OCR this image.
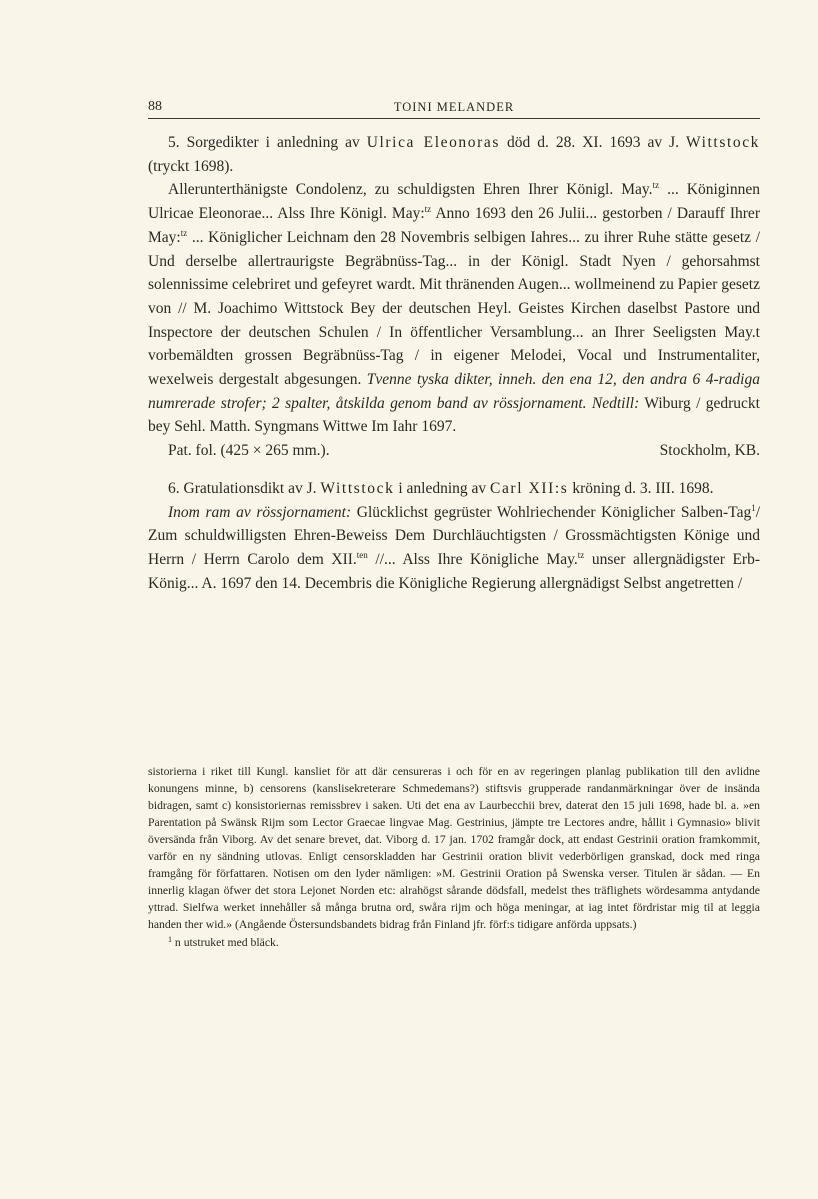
88	TOINI MELANDER

5. Sorgedikter i anledning av Ulrica Eleonoras död d. 28. XI. 1693 av J. Wittstock (tryckt 1698).

Allerunterthänigste Condolenz, zu schuldigsten Ehren Ihrer Königl. May.$^{tz}$ ... Königinnen Ulricae Eleonorae... Alss Ihre Königl. May:$^{tz}$ Anno 1693 den 26 Julii... gestorben / Darauff Ihrer May:$^{tz}$ ... Königlicher Leichnam den 28 Novembris selbigen Iahres... zu ihrer Ruhe stätte gesetz / Und derselbe allertraurigste Begräbnüss-Tag... in der Königl. Stadt Nyen / gehorsahmst solennissime celebriret und gefeyret wardt. Mit thränenden Augen... wollmeinend zu Papier gesetz von // M. Joachimo Wittstock Bey der deutschen Heyl. Geistes Kirchen daselbst Pastore und Inspectore der deutschen Schulen / In öffentlicher Versamblung... an Ihrer Seeligsten May.t vorbemäldten grossen Begräbnüss-Tag / in eigener Melodei, Vocal und Instrumentaliter, wexelweis dergestalt abgesungen. Tvenne tyska dikter, inneh. den ena 12, den andra 6 4-radiga numrerade strofer; 2 spalter, åtskilda genom band av rössjornament. Nedtill: Wiburg / gedruckt bey Sehl. Matth. Syngmans Wittwe Im Iahr 1697.

Pat. fol. (425 × 265 mm.).	Stockholm, KB.

6. Gratulationsdikt av J. Wittstock i anledning av Carl XII:s kröning d. 3. III. 1698.

Inom ram av rössjornament: Glücklichst gegrüster Wohlriechender Königlicher Salben-Tag$^1$/ Zum schuldwilligsten Ehren-Beweiss Dem Durchläuchtigsten / Grossmächtigsten Könige und Herrn / Herrn Carolo dem XII.$^{ten}$ //... Alss Ihre Königliche May.$^{tz}$ unser allergnädigster Erb-König... A. 1697 den 14. Decembris die Königliche Regierung allergnädigst Selbst angetretten /

sistorierna i riket till Kungl. kansliet för att där censureras i och för en av regeringen planlag publikation till den avlidne konungens minne, b) censorens (kanslisekreterare Schmedemans?) stiftsvis grupperade randanmärkningar över de insända bidragen, samt c) konsistoriernas remissbrev i saken. Uti det ena av Laurbecchii brev, daterat den 15 juli 1698, hade bl. a. »en Parentation på Swänsk Rijm som Lector Graecae lingvae Mag. Gestrinius, jämpte tre Lectores andre, hållit i Gymnasio» blivit översända från Viborg. Av det senare brevet, dat. Viborg d. 17 jan. 1702 framgår dock, att endast Gestrinii oration framkommit, varför en ny sändning utlovas. Enligt censorskladden har Gestrinii oration blivit vederbörligen granskad, dock med ringa framgång för författaren. Notisen om den lyder nämligen: »M. Gestrinii Oration på Swenska verser. Titulen är sådan. — En innerlig klagan öfwer det stora Lejonet Norden etc: alrahögst sårande dödsfall, medelst thes träflighets wördesamma antydande yttrad. Sielfwa werket innehåller så många brutna ord, swåra rijm och höga meningar, at iag intet fördristar mig til at leggia handen ther wid.» (Angående Östersundsbandets bidrag från Finland jfr. förf:s tidigare anförda uppsats.)

$^1$ n utstruket med bläck.
